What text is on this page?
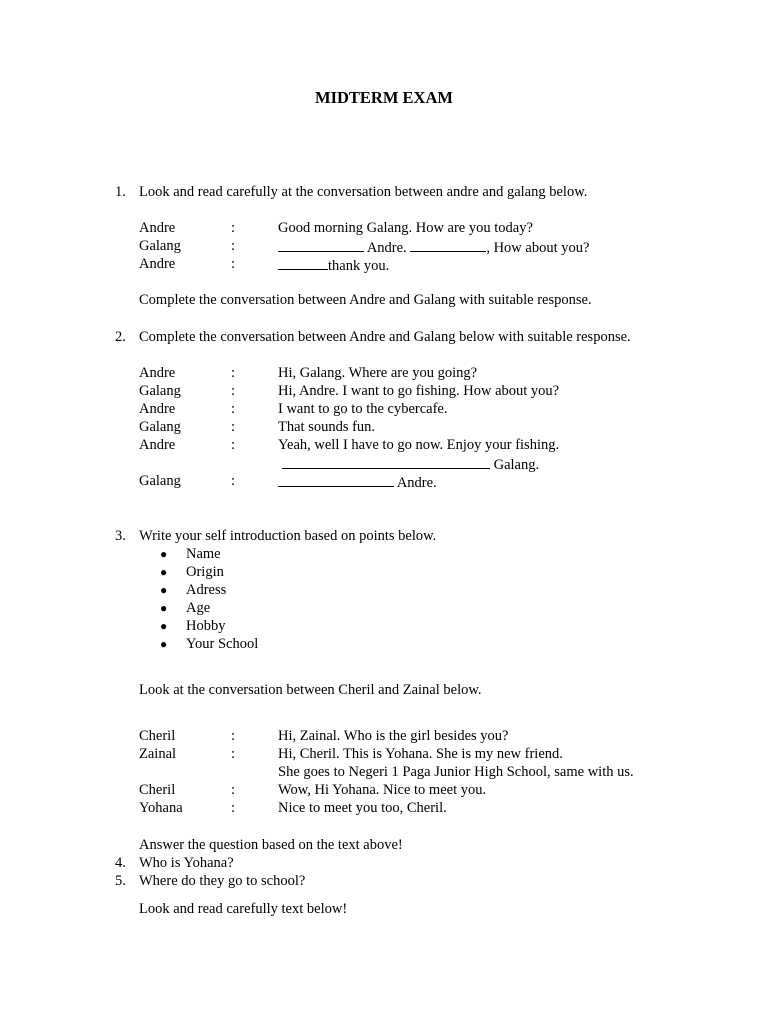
MIDTERM EXAM
1. Look and read carefully at the conversation between andre and galang below.
Andre	:	Good morning Galang. How are you today?
Galang	:	Andre.	, How about you?
Andre	:	thank you.
Complete the conversation between Andre and Galang with suitable response.
2. Complete the conversation between Andre and Galang below with suitable response.
Andre	:	Hi, Galang. Where are you going?
Galang	:	Hi, Andre. I want to go fishing. How about you?
Andre	:	I want to go to the cybercafe.
Galang	:	That sounds fun.
Andre	:	Yeah, well I have to go now. Enjoy your fishing.
Galang.
Galang	:	Andre.
3. Write your self introduction based on points below.
● Name
● Origin
● Adress
● Age
● Hobby
● Your School
Look at the conversation between Cheril and Zainal below.
Cheril	:	Hi, Zainal. Who is the girl besides you?
Zainal	:	Hi, Cheril. This is Yohana. She is my new friend.
She goes to Negeri 1 Paga Junior High School, same with us.
Cheril	:	Wow, Hi Yohana. Nice to meet you.
Yohana	:	Nice to meet you too, Cheril.
Answer the question based on the text above!
4. Who is Yohana?
5. Where do they go to school?
Look and read carefully text below!
